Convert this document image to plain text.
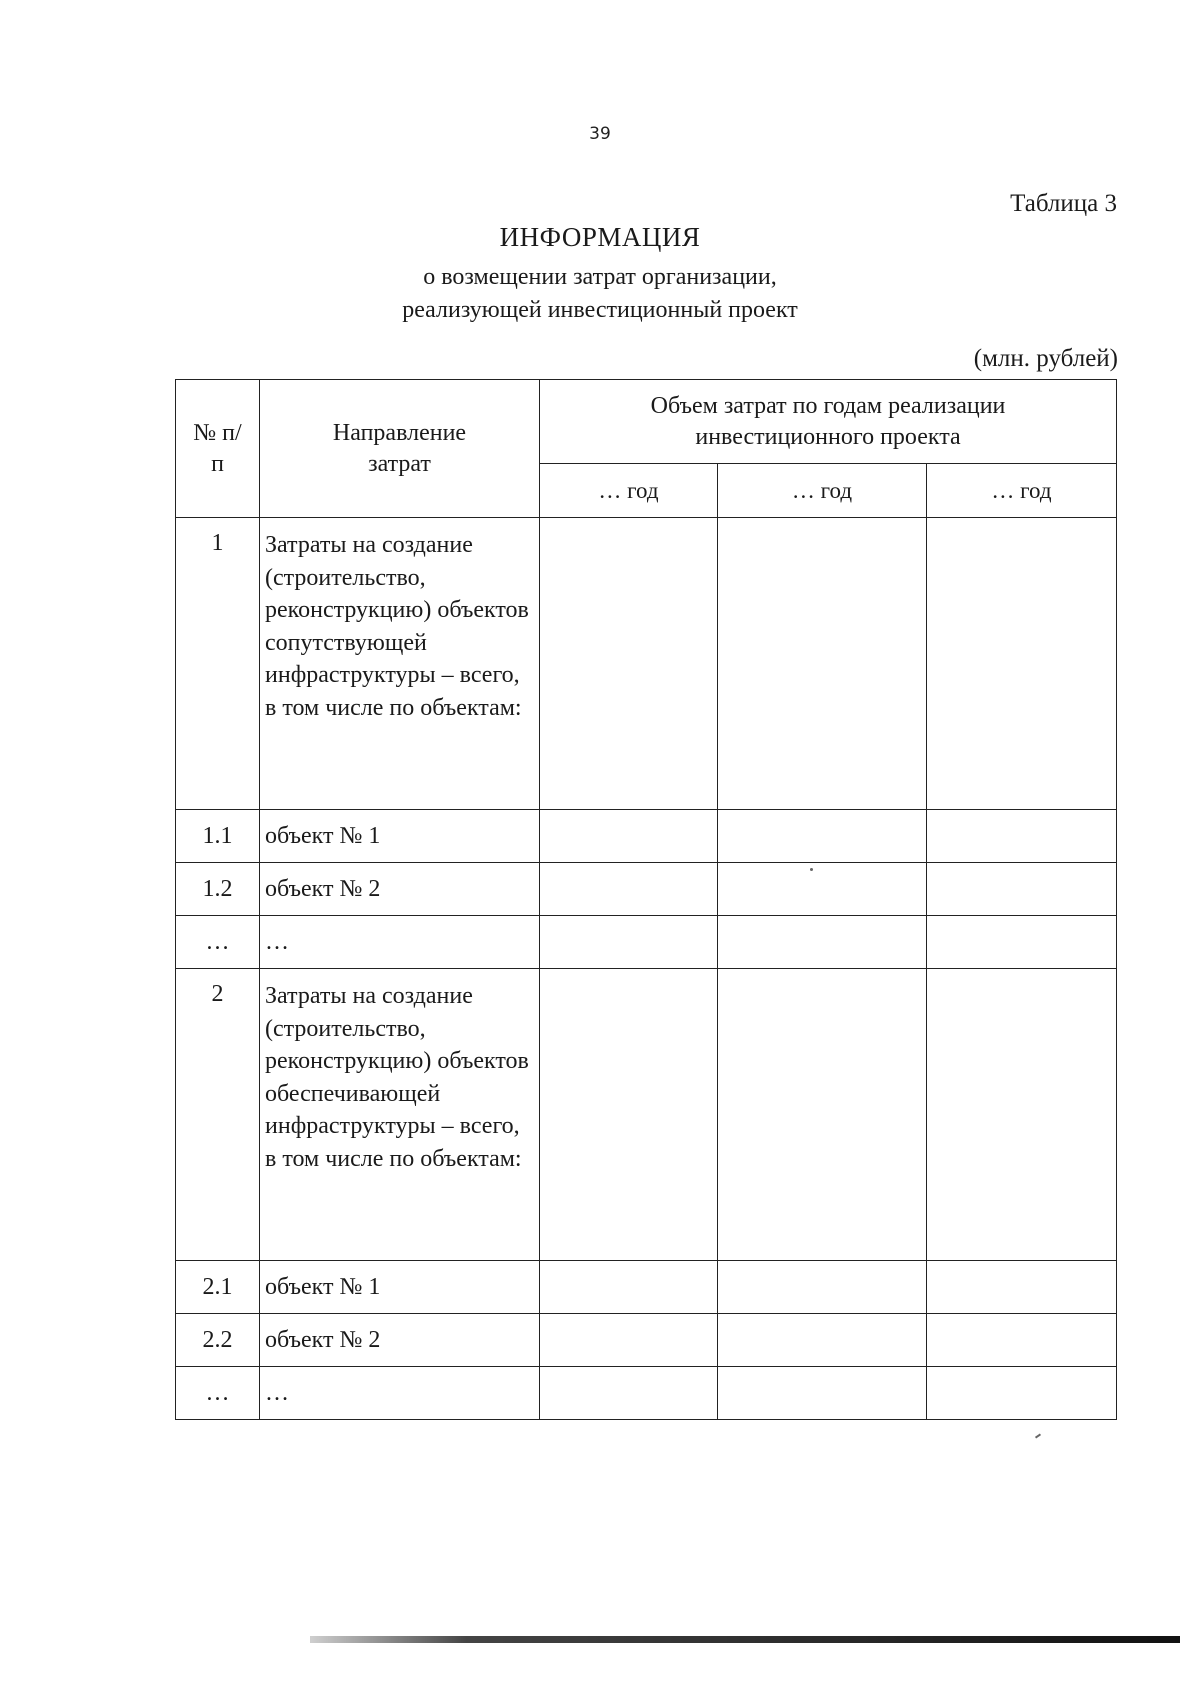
39
Таблица 3
ИНФОРМАЦИЯ
о возмещении затрат организации,
реализующей инвестиционный проект
(млн. рублей)
№ п/п	Направление затрат	Объем затрат по годам реализации инвестиционного проекта		
		… год	… год	… год
1	Затраты на создание (строительство, реконструкцию) объектов сопутствующей инфраструктуры – всего, в том числе по объектам:			
1.1	объект № 1			
1.2	объект № 2			
…	…			
2	Затраты на создание (строительство, реконструкцию) объектов обеспечивающей инфраструктуры – всего, в том числе по объектам:			
2.1	объект № 1			
2.2	объект № 2			
…	…			
